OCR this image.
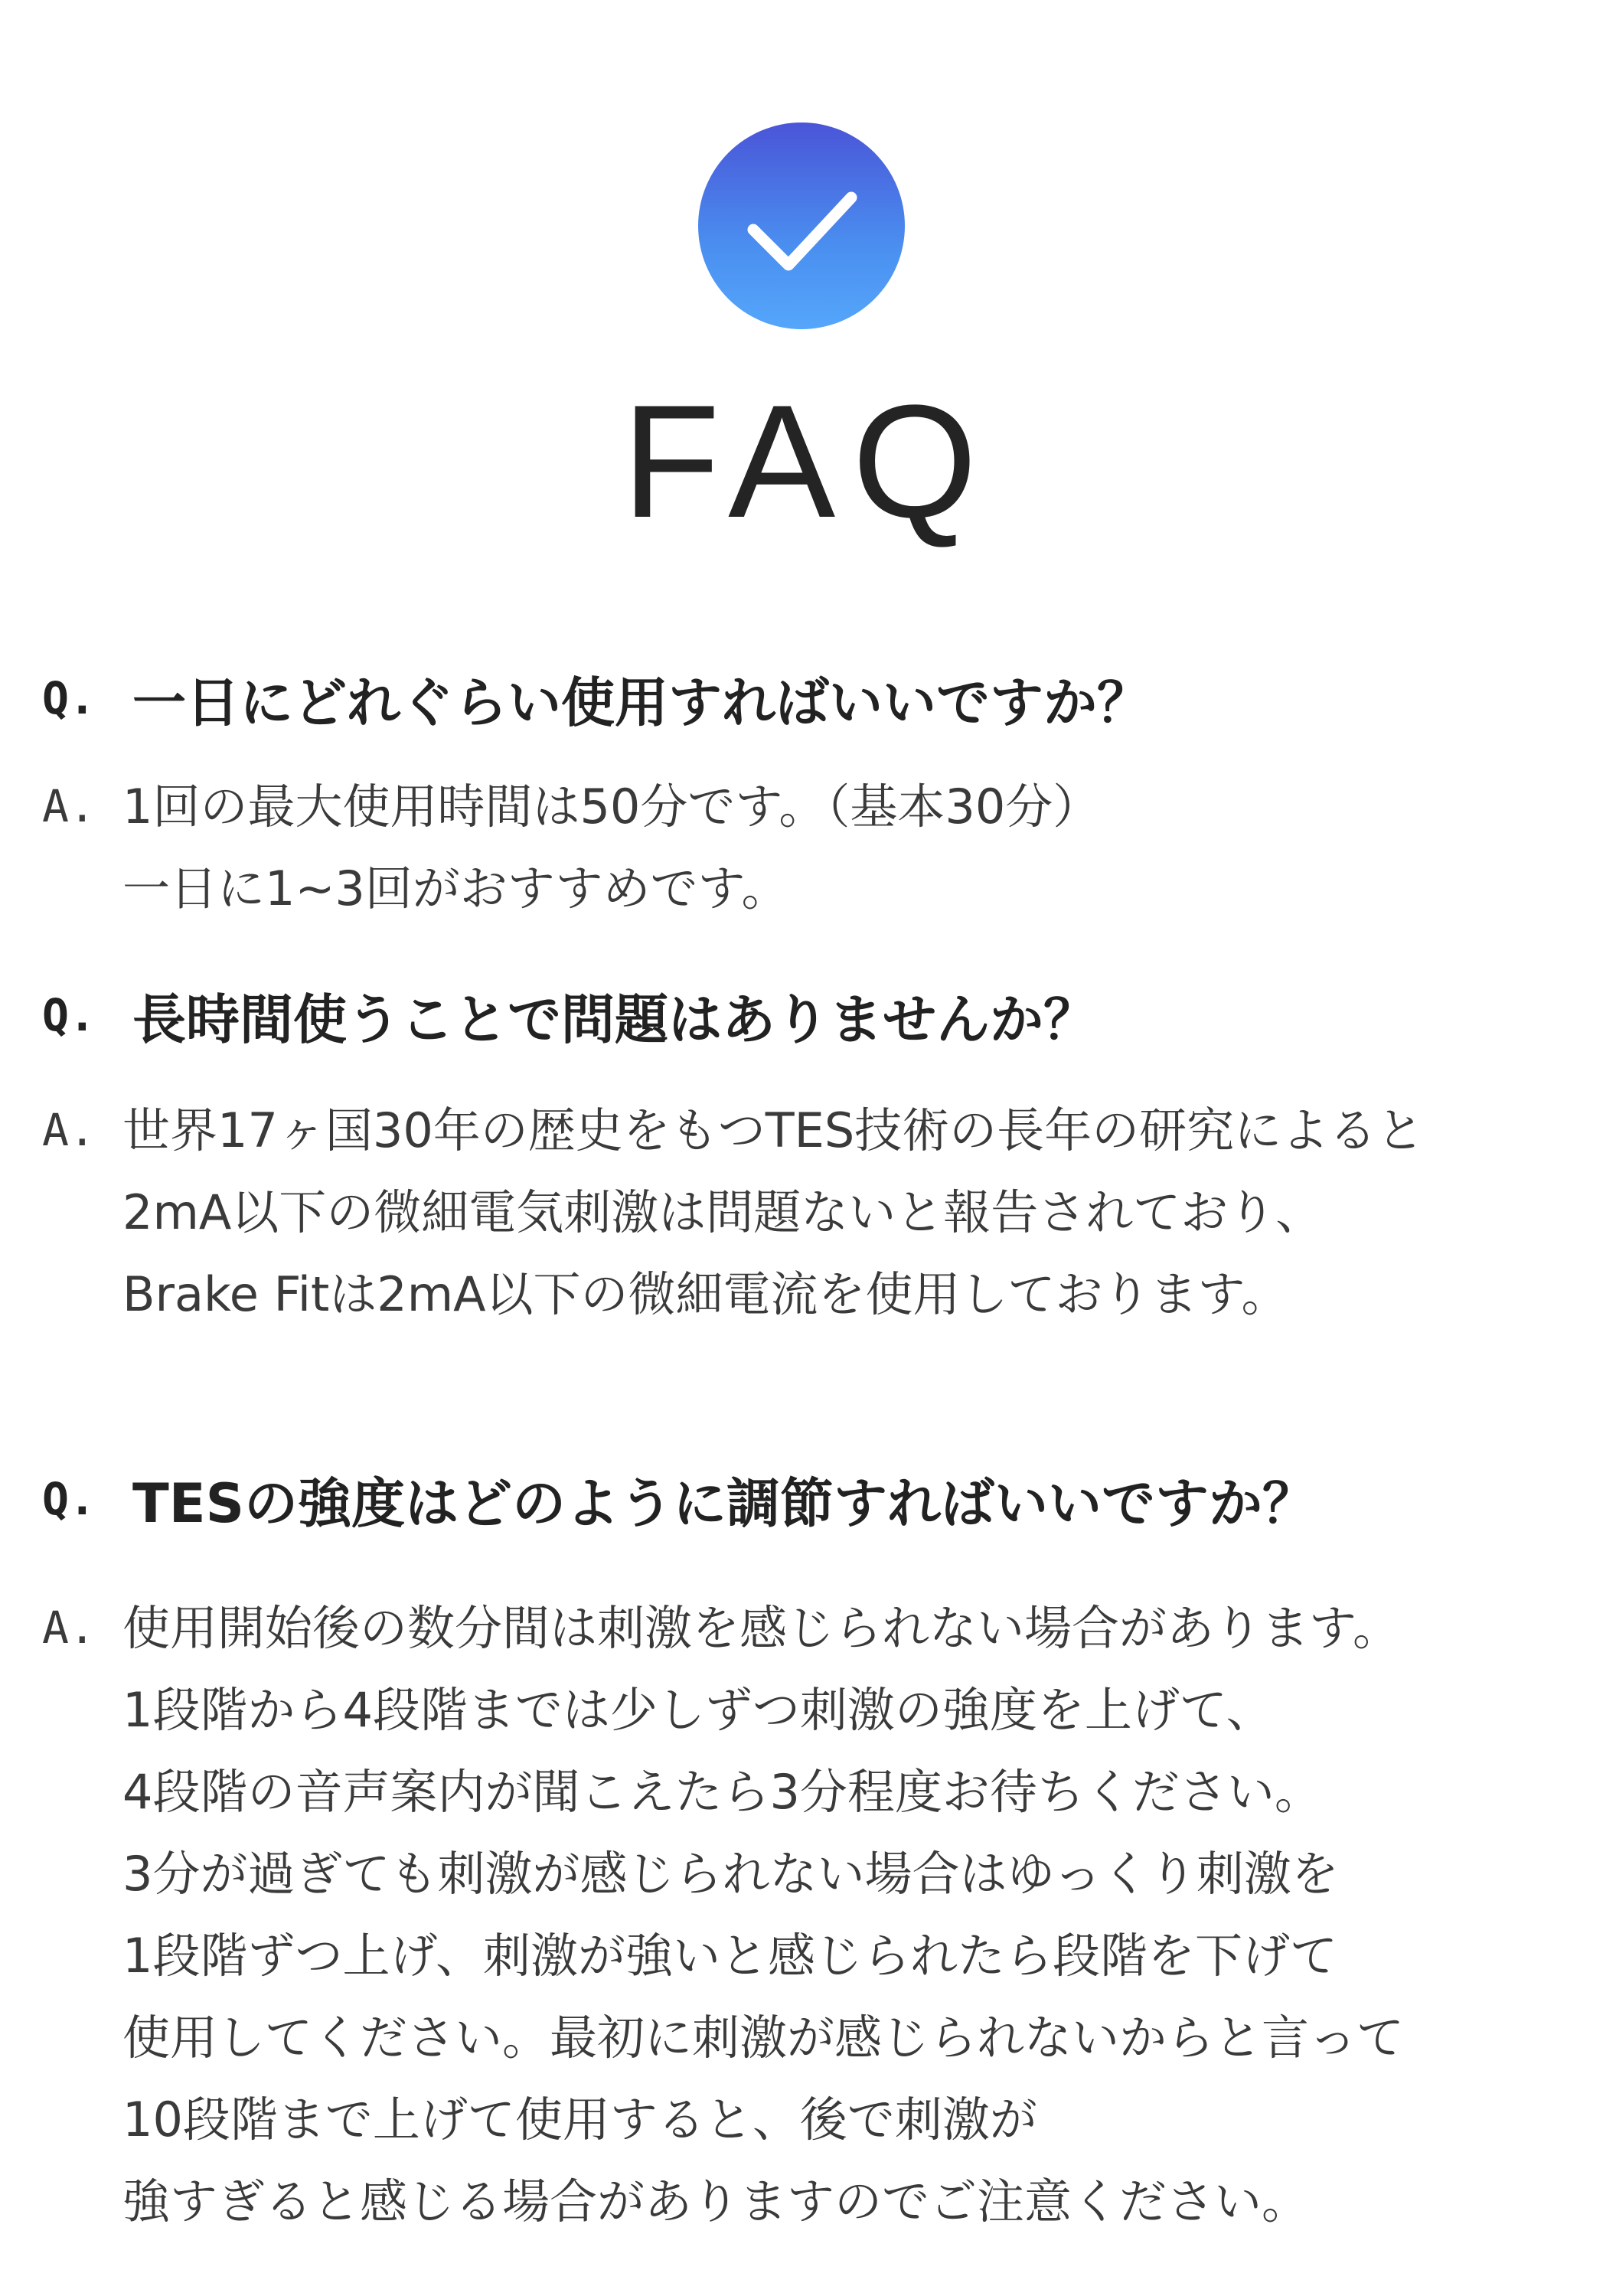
FAQ
Q. 一日にどれぐらい使用すればいいですか？
A. 1回の最大使用時間は50分です。（基本30分）
一日に1~3回がおすすめです。
Q. 長時間使うことで問題はありませんか？
A. 世界17ヶ国30年の歴史をもつTES技術の長年の研究によると
2mA以下の微細電気刺激は問題ないと報告されており、
Brake Fitは2mA以下の微細電流を使用しております。
Q. TESの強度はどのように調節すればいいですか？
A. 使用開始後の数分間は刺激を感じられない場合があります。
1段階から4段階までは少しずつ刺激の強度を上げて、
4段階の音声案内が聞こえたら3分程度お待ちください。
3分が過ぎても刺激が感じられない場合はゆっくり刺激を
1段階ずつ上げ、刺激が強いと感じられたら段階を下げて
使用してください。最初に刺激が感じられないからと言って
10段階まで上げて使用すると、後で刺激が
強すぎると感じる場合がありますのでご注意ください。
